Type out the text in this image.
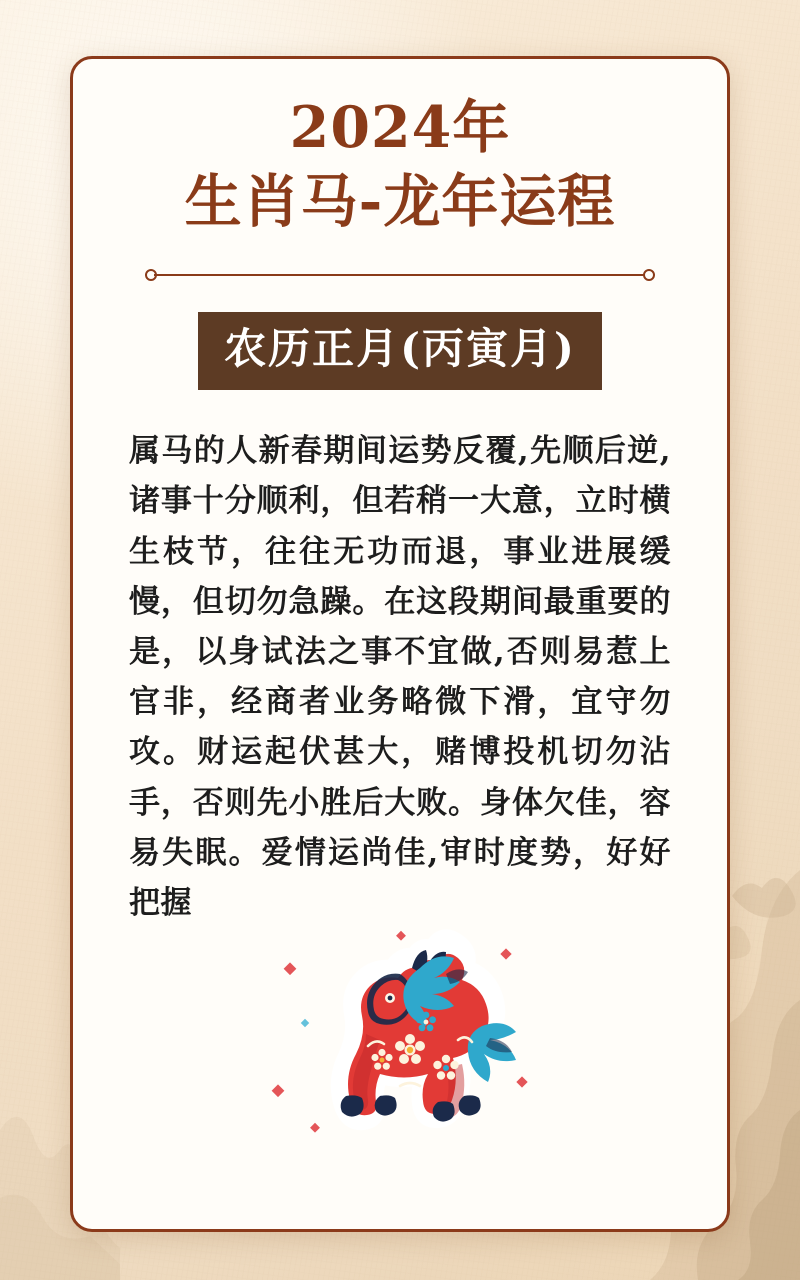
2024年
生肖马-龙年运程
农历正月(丙寅月)

属马的人新春期间运势反覆,先顺后逆,诸事十分顺利，但若稍一大意，立时横生枝节，往往无功而退，事业进展缓慢，但切勿急躁。在这段期间最重要的是，以身试法之事不宜做,否则易惹上官非，经商者业务略微下滑，宜守勿攻。财运起伏甚大，赌博投机切勿沾手，否则先小胜后大败。身体欠佳，容易失眠。爱情运尚佳,审时度势，好好把握
